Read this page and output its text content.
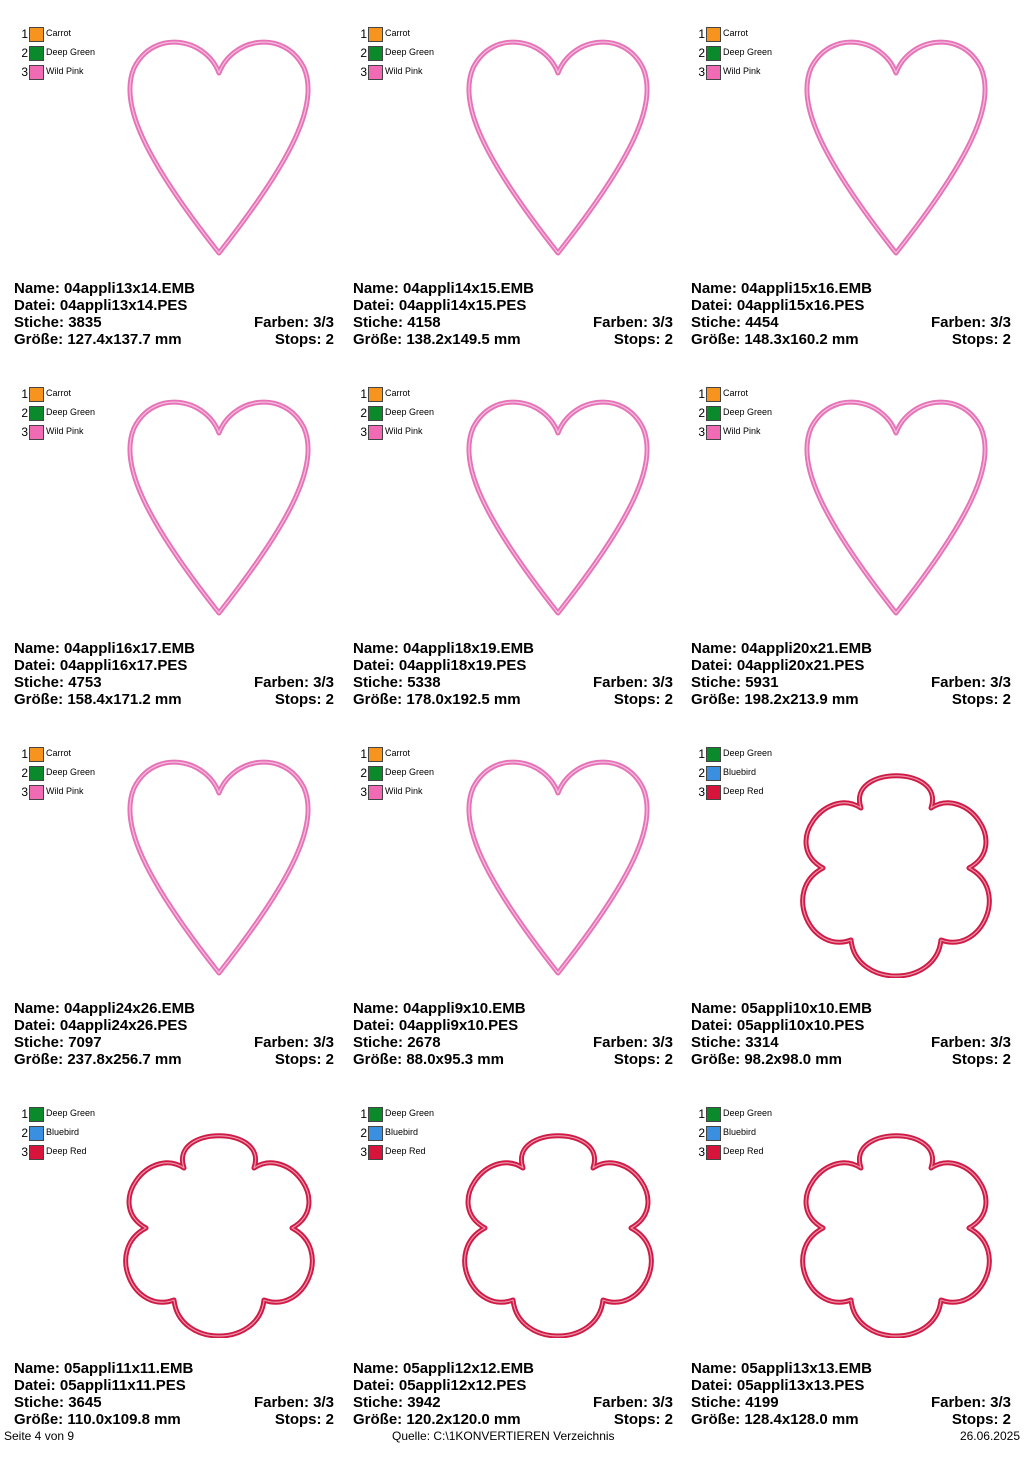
1 Carrot
2 Deep Green
3 Wild Pink
Name: 04appli13x14.EMB
Datei: 04appli13x14.PES
Stiche: 3835	Farben: 3/3
Größe: 127.4x137.7 mm	Stops: 2
1 Carrot
2 Deep Green
3 Wild Pink
Name: 04appli14x15.EMB
Datei: 04appli14x15.PES
Stiche: 4158	Farben: 3/3
Größe: 138.2x149.5 mm	Stops: 2
1 Carrot
2 Deep Green
3 Wild Pink
Name: 04appli15x16.EMB
Datei: 04appli15x16.PES
Stiche: 4454	Farben: 3/3
Größe: 148.3x160.2 mm	Stops: 2
1 Carrot
2 Deep Green
3 Wild Pink
Name: 04appli16x17.EMB
Datei: 04appli16x17.PES
Stiche: 4753	Farben: 3/3
Größe: 158.4x171.2 mm	Stops: 2
1 Carrot
2 Deep Green
3 Wild Pink
Name: 04appli18x19.EMB
Datei: 04appli18x19.PES
Stiche: 5338	Farben: 3/3
Größe: 178.0x192.5 mm	Stops: 2
1 Carrot
2 Deep Green
3 Wild Pink
Name: 04appli20x21.EMB
Datei: 04appli20x21.PES
Stiche: 5931	Farben: 3/3
Größe: 198.2x213.9 mm	Stops: 2
1 Carrot
2 Deep Green
3 Wild Pink
Name: 04appli24x26.EMB
Datei: 04appli24x26.PES
Stiche: 7097	Farben: 3/3
Größe: 237.8x256.7 mm	Stops: 2
1 Carrot
2 Deep Green
3 Wild Pink
Name: 04appli9x10.EMB
Datei: 04appli9x10.PES
Stiche: 2678	Farben: 3/3
Größe: 88.0x95.3 mm	Stops: 2
1 Deep Green
2 Bluebird
3 Deep Red
Name: 05appli10x10.EMB
Datei: 05appli10x10.PES
Stiche: 3314	Farben: 3/3
Größe: 98.2x98.0 mm	Stops: 2
1 Deep Green
2 Bluebird
3 Deep Red
Name: 05appli11x11.EMB
Datei: 05appli11x11.PES
Stiche: 3645	Farben: 3/3
Größe: 110.0x109.8 mm	Stops: 2
1 Deep Green
2 Bluebird
3 Deep Red
Name: 05appli12x12.EMB
Datei: 05appli12x12.PES
Stiche: 3942	Farben: 3/3
Größe: 120.2x120.0 mm	Stops: 2
1 Deep Green
2 Bluebird
3 Deep Red
Name: 05appli13x13.EMB
Datei: 05appli13x13.PES
Stiche: 4199	Farben: 3/3
Größe: 128.4x128.0 mm	Stops: 2
Seite 4 von 9	Quelle: C:\1KONVERTIEREN Verzeichnis	26.06.2025
